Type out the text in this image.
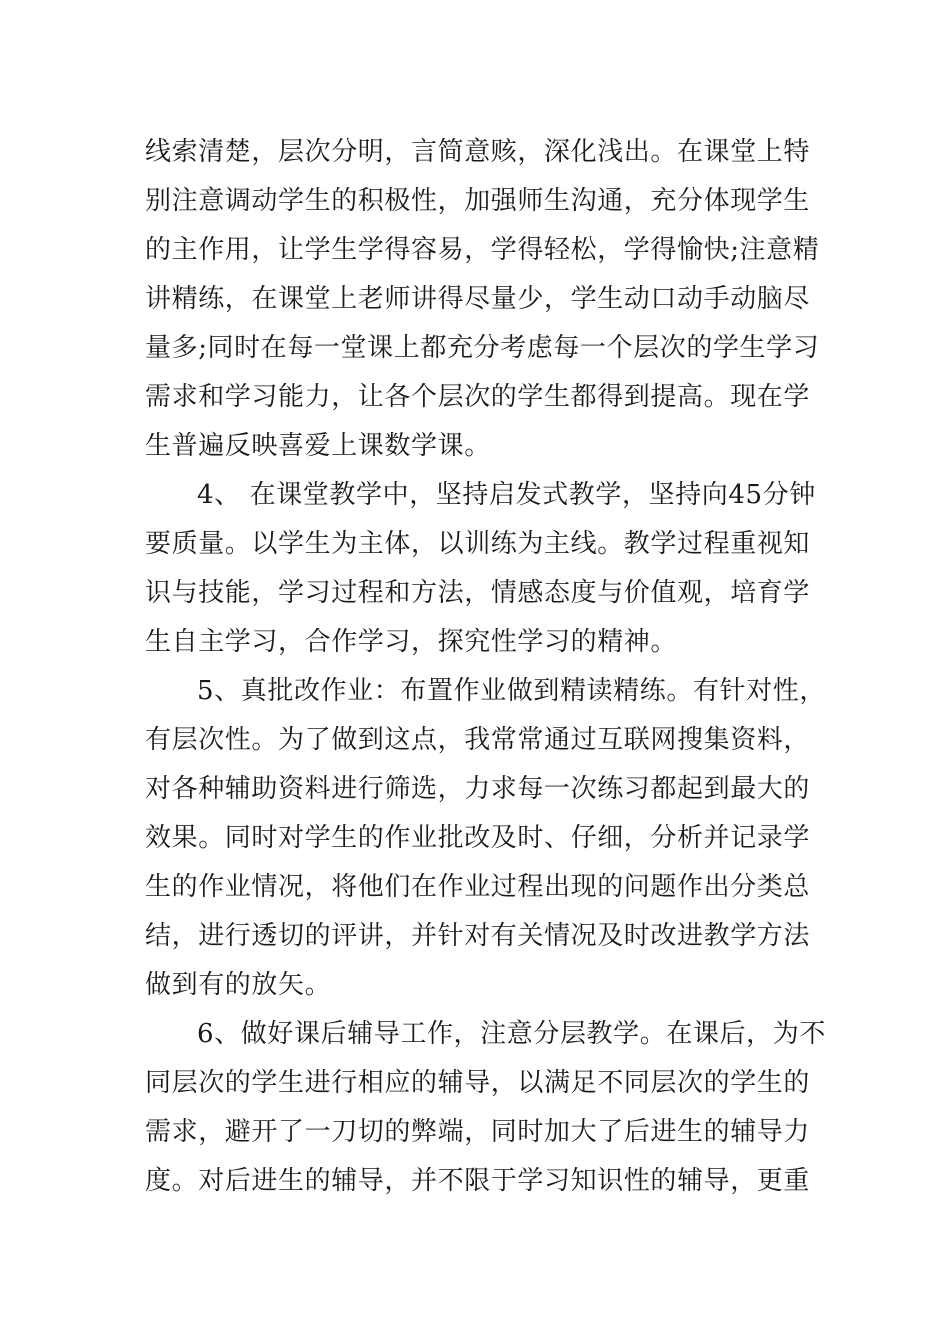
线索清楚，层次分明，言简意赅，深化浅出。在课堂上特
别注意调动学生的积极性，加强师生沟通，充分体现学生
的主作用，让学生学得容易，学得轻松，学得愉快;注意精
讲精练，在课堂上老师讲得尽量少，学生动口动手动脑尽
量多;同时在每一堂课上都充分考虑每一个层次的学生学习
需求和学习能力，让各个层次的学生都得到提高。现在学
生普遍反映喜爱上课数学课。
4、 在课堂教学中，坚持启发式教学，坚持向45分钟
要质量。以学生为主体，以训练为主线。教学过程重视知
识与技能，学习过程和方法，情感态度与价值观，培育学
生自主学习，合作学习，探究性学习的精神。
5、真批改作业：布置作业做到精读精练。有针对性，
有层次性。为了做到这点，我常常通过互联网搜集资料，
对各种辅助资料进行筛选，力求每一次练习都起到最大的
效果。同时对学生的作业批改及时、仔细，分析并记录学
生的作业情况，将他们在作业过程出现的问题作出分类总
结，进行透切的评讲，并针对有关情况及时改进教学方法
做到有的放矢。
6、做好课后辅导工作，注意分层教学。在课后，为不
同层次的学生进行相应的辅导，以满足不同层次的学生的
需求，避开了一刀切的弊端，同时加大了后进生的辅导力
度。对后进生的辅导，并不限于学习知识性的辅导，更重
